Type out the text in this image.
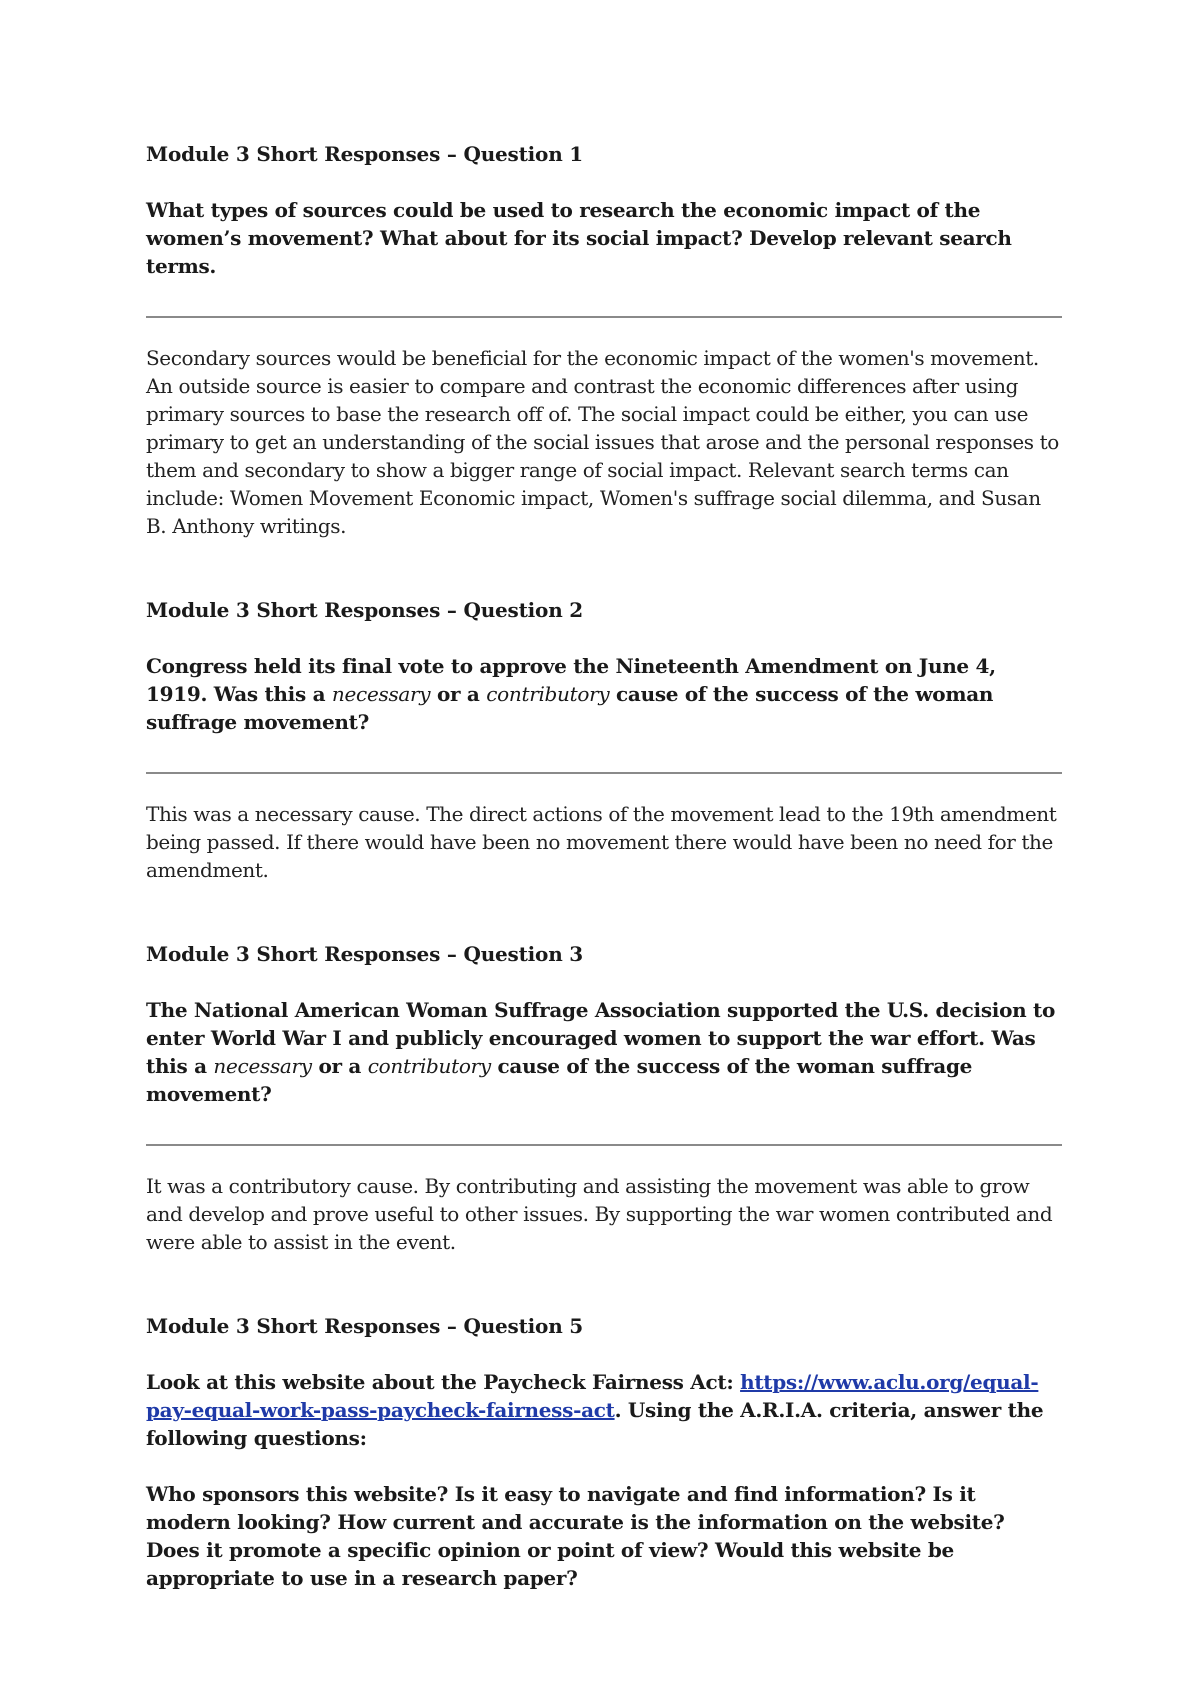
Module 3 Short Responses – Question 1

What types of sources could be used to research the economic impact of the women’s movement? What about for its social impact? Develop relevant search terms.

Secondary sources would be beneficial for the economic impact of the women's movement. An outside source is easier to compare and contrast the economic differences after using primary sources to base the research off of. The social impact could be either, you can use primary to get an understanding of the social issues that arose and the personal responses to them and secondary to show a bigger range of social impact. Relevant search terms can include: Women Movement Economic impact, Women's suffrage social dilemma, and Susan B. Anthony writings.

Module 3 Short Responses – Question 2

Congress held its final vote to approve the Nineteenth Amendment on June 4, 1919. Was this a necessary or a contributory cause of the success of the woman suffrage movement?

This was a necessary cause. The direct actions of the movement lead to the 19th amendment being passed. If there would have been no movement there would have been no need for the amendment.

Module 3 Short Responses – Question 3

The National American Woman Suffrage Association supported the U.S. decision to enter World War I and publicly encouraged women to support the war effort. Was this a necessary or a contributory cause of the success of the woman suffrage movement?

It was a contributory cause. By contributing and assisting the movement was able to grow and develop and prove useful to other issues. By supporting the war women contributed and were able to assist in the event.

Module 3 Short Responses – Question 5

Look at this website about the Paycheck Fairness Act: https://www.aclu.org/equal-pay-equal-work-pass-paycheck-fairness-act. Using the A.R.I.A. criteria, answer the following questions:

Who sponsors this website? Is it easy to navigate and find information? Is it modern looking? How current and accurate is the information on the website? Does it promote a specific opinion or point of view? Would this website be appropriate to use in a research paper?
